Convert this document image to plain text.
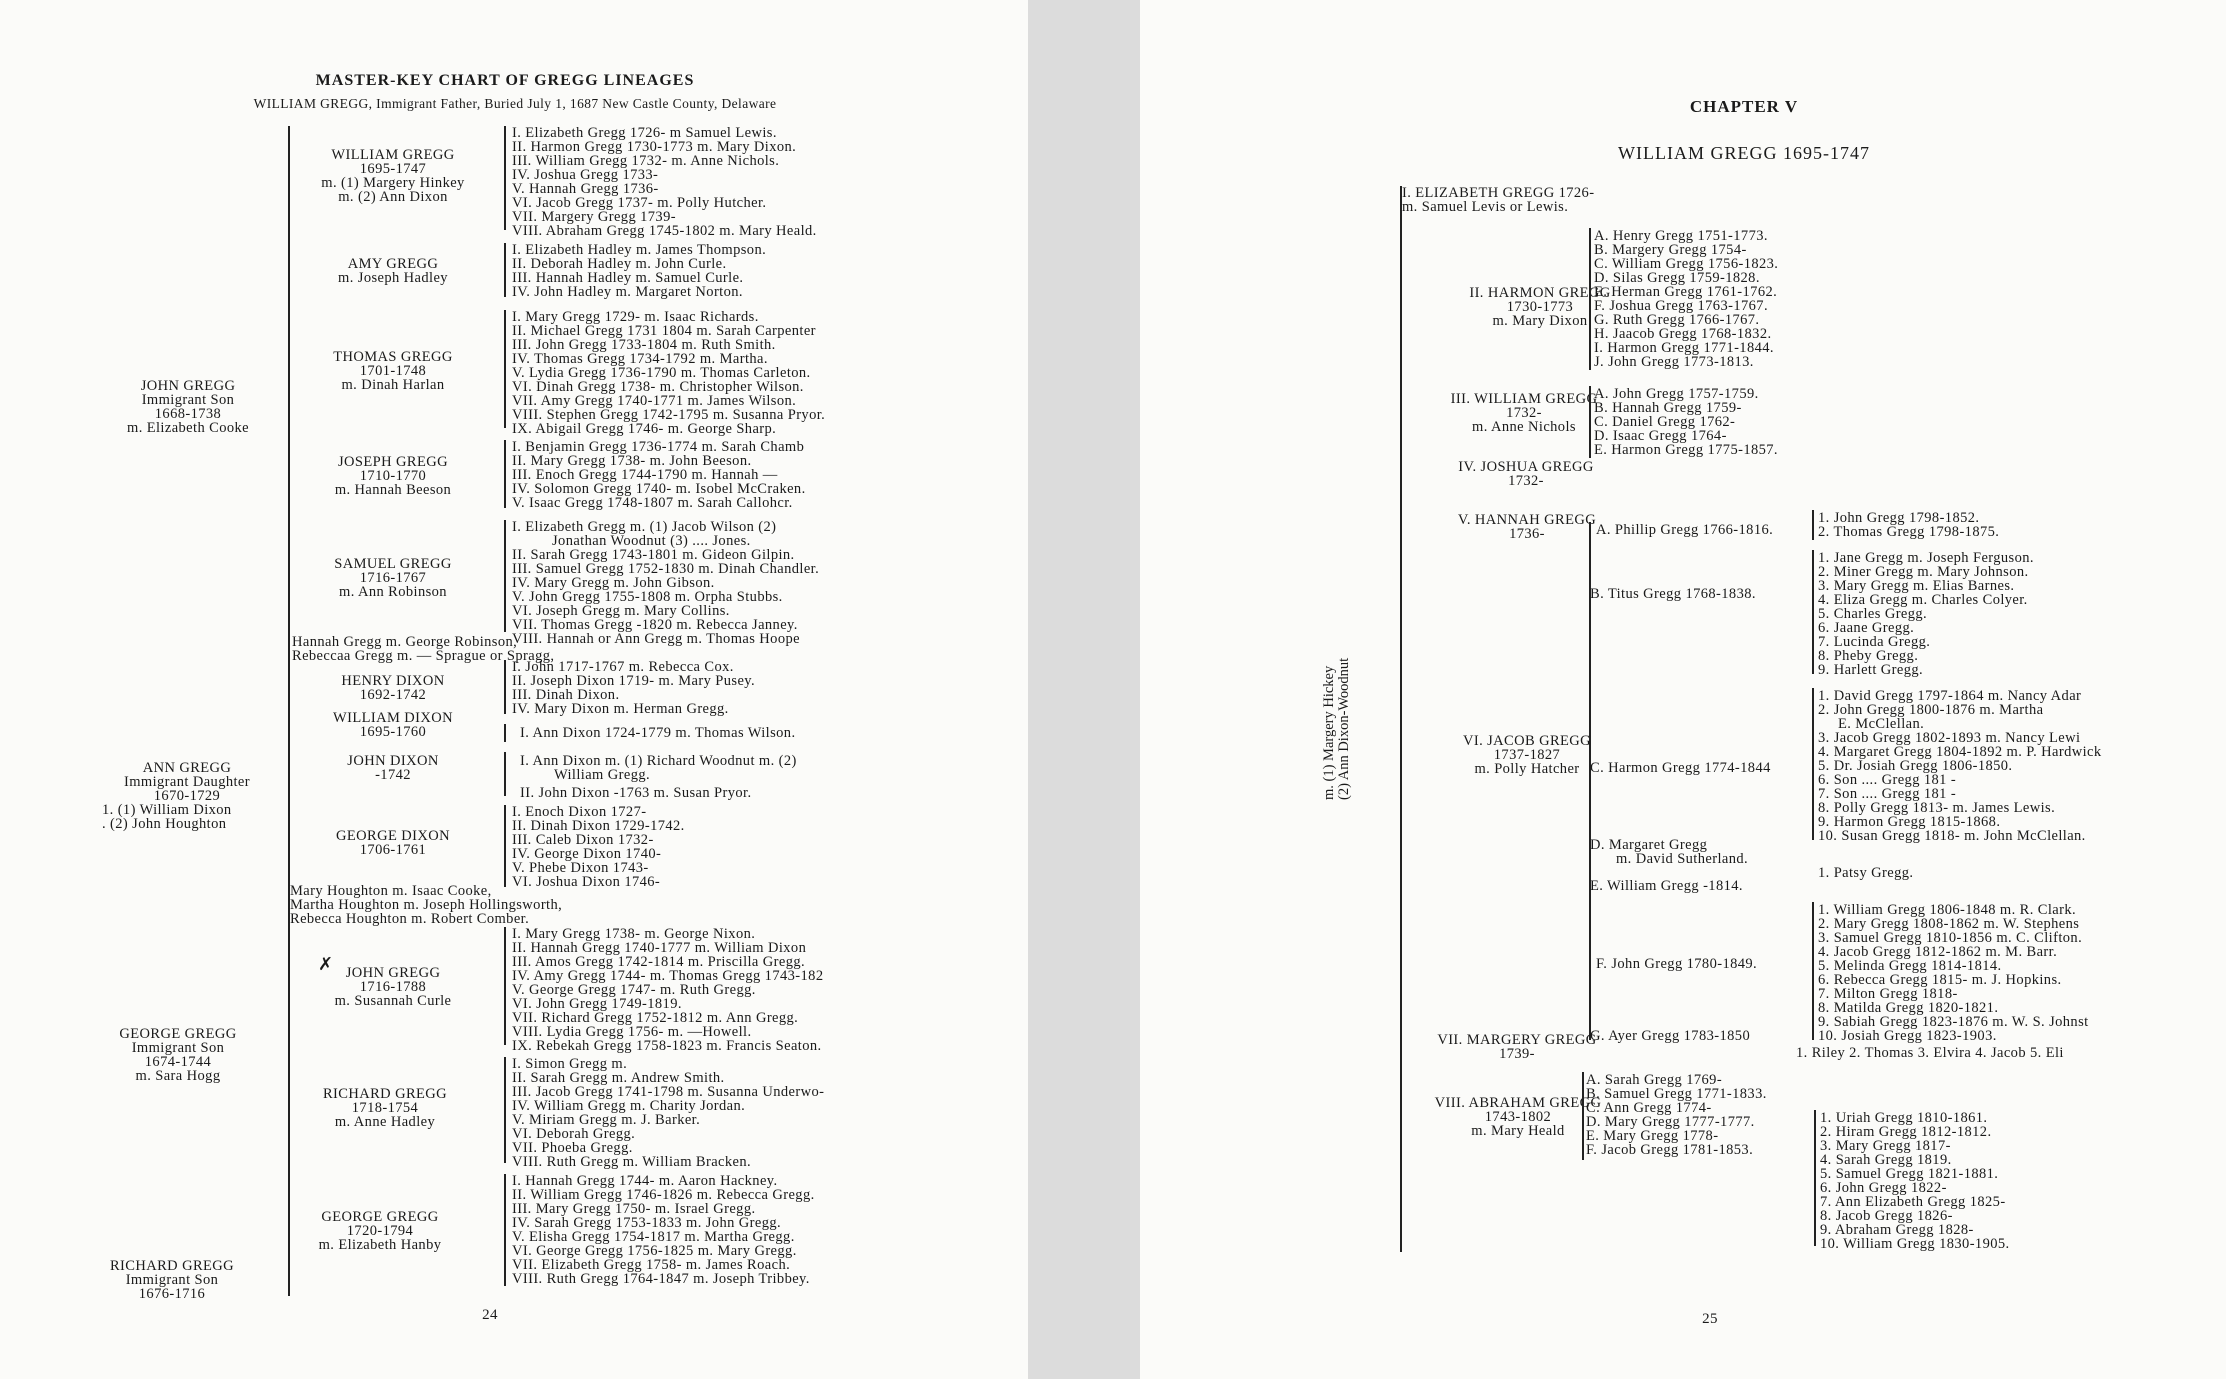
MASTER-KEY CHART OF GREGG LINEAGES
WILLIAM GREGG, Immigrant Father, Buried July 1, 1687 New Castle County, Delaware
JOHN GREGG
Immigrant Son
1668-1738
m. Elizabeth Cooke
ANN GREGG
Immigrant Daughter
1670-1729
1. (1) William Dixon
. (2) John Houghton
GEORGE GREGG
Immigrant Son
1674-1744
m. Sara Hogg
RICHARD GREGG
Immigrant Son
1676-1716
WILLIAM GREGG
1695-1747
m. (1) Margery Hinkey
m. (2) Ann Dixon
I. Elizabeth Gregg 1726- m Samuel Lewis.
II. Harmon Gregg 1730-1773 m. Mary Dixon.
III. William Gregg 1732- m. Anne Nichols.
IV. Joshua Gregg 1733-
V. Hannah Gregg 1736-
VI. Jacob Gregg 1737- m. Polly Hutcher.
VII. Margery Gregg 1739-
VIII. Abraham Gregg 1745-1802 m. Mary Heald.
AMY GREGG
m. Joseph Hadley
I. Elizabeth Hadley m. James Thompson.
II. Deborah Hadley m. John Curle.
III. Hannah Hadley m. Samuel Curle.
IV. John Hadley m. Margaret Norton.
THOMAS GREGG
1701-1748
m. Dinah Harlan
I. Mary Gregg 1729- m. Isaac Richards.
II. Michael Gregg 1731 1804 m. Sarah Carpenter
III. John Gregg 1733-1804 m. Ruth Smith.
IV. Thomas Gregg 1734-1792 m. Martha.
V. Lydia Gregg 1736-1790 m. Thomas Carleton.
VI. Dinah Gregg 1738- m. Christopher Wilson.
VII. Amy Gregg 1740-1771 m. James Wilson.
VIII. Stephen Gregg 1742-1795 m. Susanna Pryor.
IX. Abigail Gregg 1746- m. George Sharp.
JOSEPH GREGG
1710-1770
m. Hannah Beeson
I. Benjamin Gregg 1736-1774 m. Sarah Chamb
II. Mary Gregg 1738- m. John Beeson.
III. Enoch Gregg 1744-1790 m. Hannah —
IV. Solomon Gregg 1740- m. Isobel McCraken.
V. Isaac Gregg 1748-1807 m. Sarah Callohcr.
SAMUEL GREGG
1716-1767
m. Ann Robinson
I. Elizabeth Gregg m. (1) Jacob Wilson (2)
Jonathan Woodnut (3) .... Jones.
II. Sarah Gregg 1743-1801 m. Gideon Gilpin.
III. Samuel Gregg 1752-1830 m. Dinah Chandler.
IV. Mary Gregg m. John Gibson.
V. John Gregg 1755-1808 m. Orpha Stubbs.
VI. Joseph Gregg m. Mary Collins.
VII. Thomas Gregg -1820 m. Rebecca Janney.
VIII. Hannah or Ann Gregg m. Thomas Hoope
Hannah Gregg m. George Robinson,
Rebeccaa Gregg m. — Sprague or Spragg,
HENRY DIXON
1692-1742
I. John 1717-1767 m. Rebecca Cox.
II. Joseph Dixon 1719- m. Mary Pusey.
III. Dinah Dixon.
IV. Mary Dixon m. Herman Gregg.
WILLIAM DIXON
1695-1760	I. Ann Dixon 1724-1779 m. Thomas Wilson.
JOHN DIXON
-1742
I. Ann Dixon m. (1) Richard Woodnut m. (2)
William Gregg.
II. John Dixon -1763 m. Susan Pryor.
GEORGE DIXON
1706-1761
I. Enoch Dixon 1727-
II. Dinah Dixon 1729-1742.
III. Caleb Dixon 1732-
IV. George Dixon 1740-
V. Phebe Dixon 1743-
VI. Joshua Dixon 1746-
Mary Houghton m. Isaac Cooke,
Martha Houghton m. Joseph Hollingsworth,
Rebecca Houghton m. Robert Comber.
✗ JOHN GREGG
1716-1788
m. Susannah Curle
I. Mary Gregg 1738- m. George Nixon.
II. Hannah Gregg 1740-1777 m. William Dixon
III. Amos Gregg 1742-1814 m. Priscilla Gregg.
IV. Amy Gregg 1744- m. Thomas Gregg 1743-182
V. George Gregg 1747- m. Ruth Gregg.
VI. John Gregg 1749-1819.
VII. Richard Gregg 1752-1812 m. Ann Gregg.
VIII. Lydia Gregg 1756- m. —Howell.
IX. Rebekah Gregg 1758-1823 m. Francis Seaton.
RICHARD GREGG
1718-1754
m. Anne Hadley
I. Simon Gregg m.
II. Sarah Gregg m. Andrew Smith.
III. Jacob Gregg 1741-1798 m. Susanna Underwo-
IV. William Gregg m. Charity Jordan.
V. Miriam Gregg m. J. Barker.
VI. Deborah Gregg.
VII. Phoeba Gregg.
VIII. Ruth Gregg m. William Bracken.
GEORGE GREGG
1720-1794
m. Elizabeth Hanby
I. Hannah Gregg 1744- m. Aaron Hackney.
II. William Gregg 1746-1826 m. Rebecca Gregg.
III. Mary Gregg 1750- m. Israel Gregg.
IV. Sarah Gregg 1753-1833 m. John Gregg.
V. Elisha Gregg 1754-1817 m. Martha Gregg.
VI. George Gregg 1756-1825 m. Mary Gregg.
VII. Elizabeth Gregg 1758- m. James Roach.
VIII. Ruth Gregg 1764-1847 m. Joseph Tribbey.
24
CHAPTER V
WILLIAM GREGG 1695-1747
I. ELIZABETH GREGG 1726-
m. Samuel Levis or Lewis.
II. HARMON GREGG
1730-1773
m. Mary Dixon
A. Henry Gregg 1751-1773.
B. Margery Gregg 1754-
C. William Gregg 1756-1823.
D. Silas Gregg 1759-1828.
E. Herman Gregg 1761-1762.
F. Joshua Gregg 1763-1767.
G. Ruth Gregg 1766-1767.
H. Jaacob Gregg 1768-1832.
I. Harmon Gregg 1771-1844.
J. John Gregg 1773-1813.
III. WILLIAM GREGG
1732-
m. Anne Nichols
A. John Gregg 1757-1759.
B. Hannah Gregg 1759-
C. Daniel Gregg 1762-
D. Isaac Gregg 1764-
E. Harmon Gregg 1775-1857.
IV. JOSHUA GREGG
1732-
V. HANNAH GREGG
1736-
VI. JACOB GREGG
1737-1827
m. Polly Hatcher
A. Phillip Gregg 1766-1816.
B. Titus Gregg 1768-1838.
C. Harmon Gregg 1774-1844
D. Margaret Gregg
m. David Sutherland.
E. William Gregg -1814.
F. John Gregg 1780-1849.
G. Ayer Gregg 1783-1850
1. John Gregg 1798-1852.
2. Thomas Gregg 1798-1875.
1. Jane Gregg m. Joseph Ferguson.
2. Miner Gregg m. Mary Johnson.
3. Mary Gregg m. Elias Barnes.
4. Eliza Gregg m. Charles Colyer.
5. Charles Gregg.
6. Jaane Gregg.
7. Lucinda Gregg.
8. Pheby Gregg.
9. Harlett Gregg.
1. David Gregg 1797-1864 m. Nancy Adar
2. John Gregg 1800-1876 m. Martha
E. McClellan.
3. Jacob Gregg 1802-1893 m. Nancy Lewi
4. Margaret Gregg 1804-1892 m. P. Hardwick
5. Dr. Josiah Gregg 1806-1850.
6. Son .... Gregg 181 -
7. Son .... Gregg 181 -
8. Polly Gregg 1813- m. James Lewis.
9. Harmon Gregg 1815-1868.
10. Susan Gregg 1818- m. John McClellan.
1. Patsy Gregg.
1. William Gregg 1806-1848 m. R. Clark.
2. Mary Gregg 1808-1862 m. W. Stephens
3. Samuel Gregg 1810-1856 m. C. Clifton.
4. Jacob Gregg 1812-1862 m. M. Barr.
5. Melinda Gregg 1814-1814.
6. Rebecca Gregg 1815- m. J. Hopkins.
7. Milton Gregg 1818-
8. Matilda Gregg 1820-1821.
9. Sabiah Gregg 1823-1876 m. W. S. Johnst
10. Josiah Gregg 1823-1903.
1. Riley 2. Thomas 3. Elvira 4. Jacob 5. Eli
VII. MARGERY GREGG
1739-
VIII. ABRAHAM GREGG
1743-1802
m. Mary Heald
A. Sarah Gregg 1769-
B. Samuel Gregg 1771-1833.
C. Ann Gregg 1774-
D. Mary Gregg 1777-1777.
E. Mary Gregg 1778-
F. Jacob Gregg 1781-1853.
1. Uriah Gregg 1810-1861.
2. Hiram Gregg 1812-1812.
3. Mary Gregg 1817-
4. Sarah Gregg 1819.
5. Samuel Gregg 1821-1881.
6. John Gregg 1822-
7. Ann Elizabeth Gregg 1825-
8. Jacob Gregg 1826-
9. Abraham Gregg 1828-
10. William Gregg 1830-1905.
25
m. (1) Margery Hickey (2) Ann Dixon-Woodnut
